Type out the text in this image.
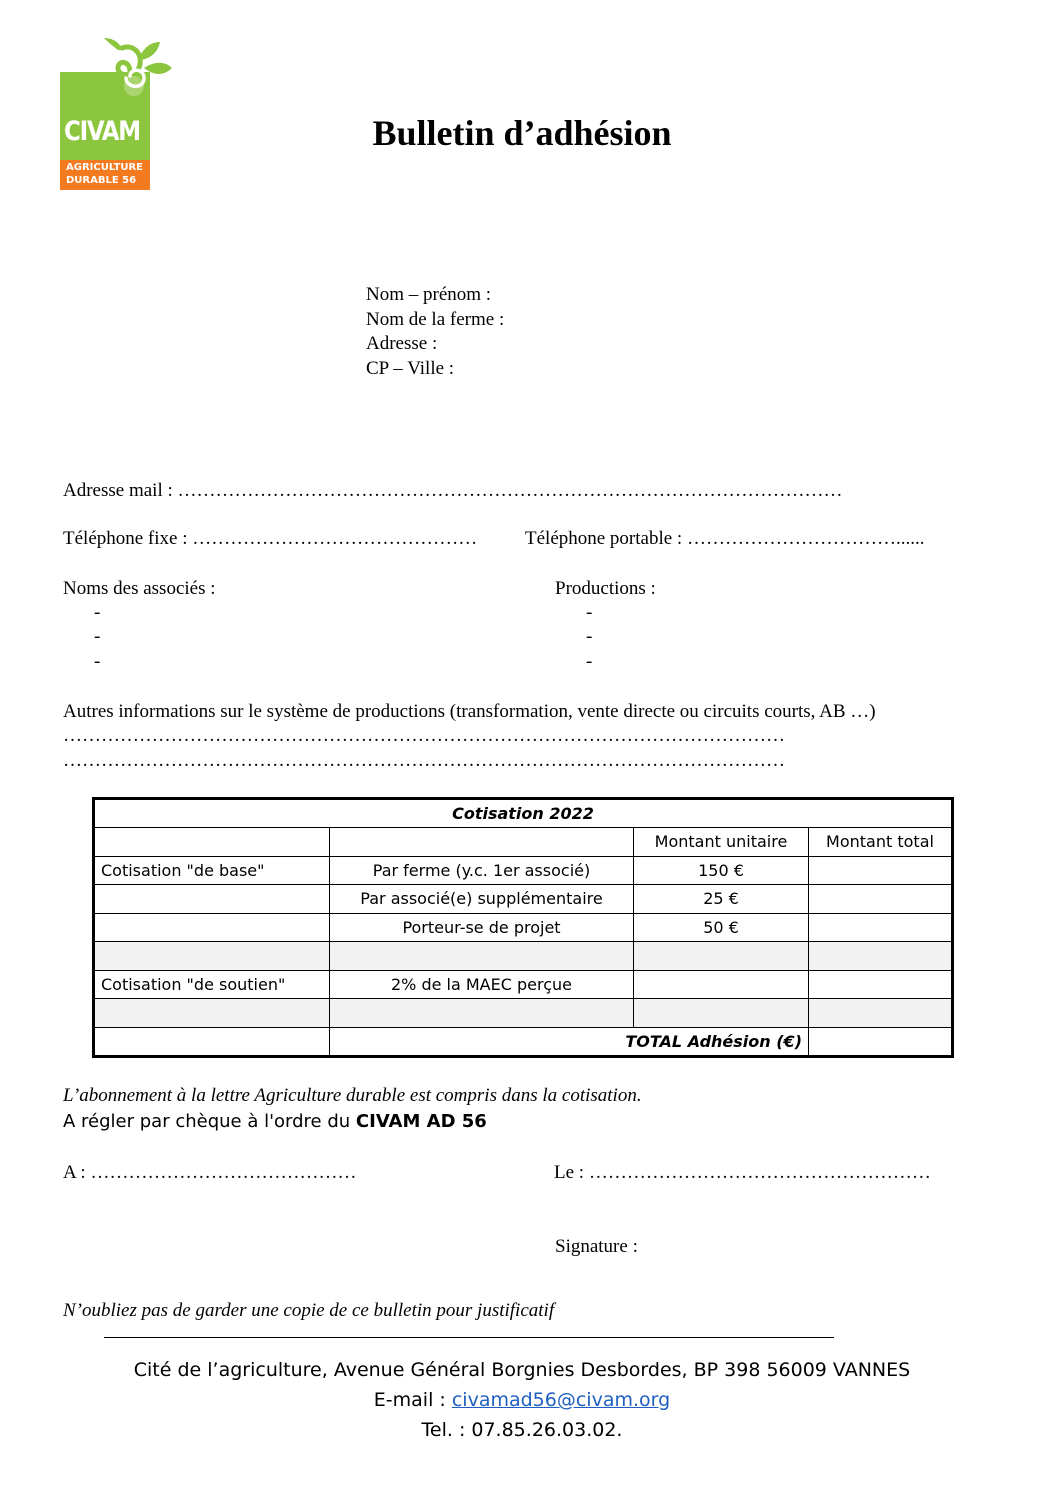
CIVAM
AGRICULTURE
DURABLE 56
Bulletin d’adhésion
Nom – prénom :
Nom de la ferme :
Adresse :
CP – Ville :
Adresse mail : ……………………………………………………………………………………………
Téléphone fixe : ………………………………………	Téléphone portable : ……………………………......
Noms des associés :
-
-
-
Productions :
-
-
-
Autres informations sur le système de productions (transformation, vente directe ou circuits courts, AB …)
……………………………………………………………………………………………………
……………………………………………………………………………………………………
Cotisation 2022			
		Montant unitaire	Montant total
Cotisation "de base"	Par ferme (y.c. 1er associé)	150 €	
	Par associé(e) supplémentaire	25 €	
	Porteur-se de projet	50 €	

Cotisation "de soutien"	2% de la MAEC perçue		

	TOTAL Adhésion (€)		
L’abonnement à la lettre Agriculture durable est compris dans la cotisation.
A régler par chèque à l'ordre du CIVAM AD 56
A : ……………………………………	Le : ………………………………………………
Signature :
N’oubliez pas de garder une copie de ce bulletin pour justificatif
Cité de l’agriculture, Avenue Général Borgnies Desbordes, BP 398 56009 VANNES
E-mail : civamad56@civam.org
Tel. : 07.85.26.03.02.
